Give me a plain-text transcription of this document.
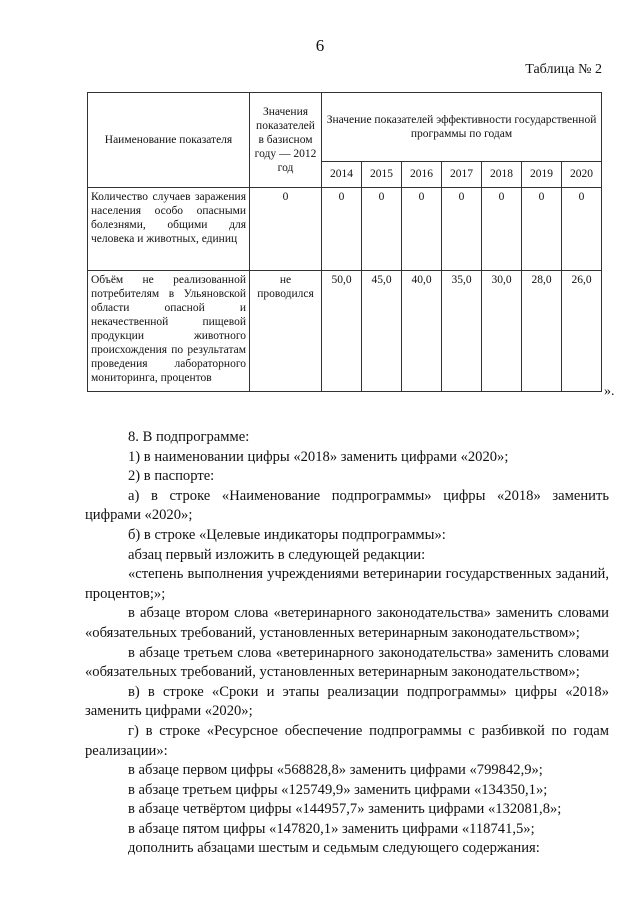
6
Таблица № 2
Наименование показателя	Значения показателей в базисном году — 2012 год	Значение показателей эффективности государственной программы по годам						
		2014	2015	2016	2017	2018	2019	2020
Количество случаев заражения населения особо опасными болезнями, общими для человека и животных, единиц	0	0	0	0	0	0	0	0
Объём не реализованной потребителям в Ульяновской области опасной и некачественной пищевой продукции животного происхождения по результатам проведения лабораторного мониторинга, процентов	не проводился	50,0	45,0	40,0	35,0	30,0	28,0	26,0
».

8. В подпрограмме:

1) в наименовании цифры «2018» заменить цифрами «2020»;

2) в паспорте:

а) в строке «Наименование подпрограммы» цифры «2018» заменить цифрами «2020»;

б) в строке «Целевые индикаторы подпрограммы»:

абзац первый изложить в следующей редакции:

«степень выполнения учреждениями ветеринарии государственных заданий, процентов;»;

в абзаце втором слова «ветеринарного законодательства» заменить словами «обязательных требований, установленных ветеринарным законодательством»;

в абзаце третьем слова «ветеринарного законодательства» заменить словами «обязательных требований, установленных ветеринарным законодательством»;

в) в строке «Сроки и этапы реализации подпрограммы» цифры «2018» заменить цифрами «2020»;

г) в строке «Ресурсное обеспечение подпрограммы с разбивкой по годам реализации»:

в абзаце первом цифры «568828,8» заменить цифрами «799842,9»;

в абзаце третьем цифры «125749,9» заменить цифрами «134350,1»;

в абзаце четвёртом цифры «144957,7» заменить цифрами «132081,8»;

в абзаце пятом цифры «147820,1» заменить цифрами «118741,5»;

дополнить абзацами шестым и седьмым следующего содержания:
